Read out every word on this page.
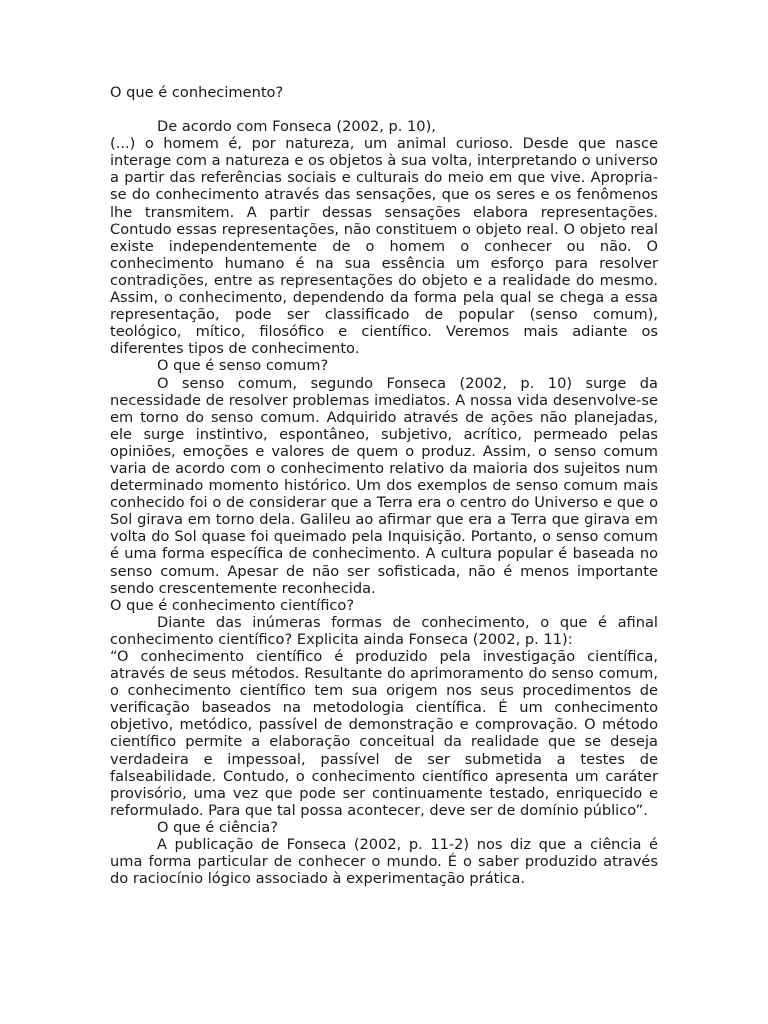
O que é conhecimento?

De acordo com Fonseca (2002, p. 10),

(...) o homem é, por natureza, um animal curioso. Desde que nasce interage com a natureza e os objetos à sua volta, interpretando o universo a partir das referências sociais e culturais do meio em que vive. Apropria-se do conhecimento através das sensações, que os seres e os fenômenos lhe transmitem. A partir dessas sensações elabora representações. Contudo essas representações, não constituem o objeto real. O objeto real existe independentemente de o homem o conhecer ou não. O conhecimento humano é na sua essência um esforço para resolver contradições, entre as representações do objeto e a realidade do mesmo. Assim, o conhecimento, dependendo da forma pela qual se chega a essa representação, pode ser classificado de popular (senso comum), teológico, mítico, filosófico e científico. Veremos mais adiante os diferentes tipos de conhecimento.

O que é senso comum?

O senso comum, segundo Fonseca (2002, p. 10) surge da necessidade de resolver problemas imediatos. A nossa vida desenvolve-se em torno do senso comum. Adquirido através de ações não planejadas, ele surge instintivo, espontâneo, subjetivo, acrítico, permeado pelas opiniões, emoções e valores de quem o produz. Assim, o senso comum varia de acordo com o conhecimento relativo da maioria dos sujeitos num determinado momento histórico. Um dos exemplos de senso comum mais conhecido foi o de considerar que a Terra era o centro do Universo e que o Sol girava em torno dela. Galileu ao afirmar que era a Terra que girava em volta do Sol quase foi queimado pela Inquisição. Portanto, o senso comum é uma forma específica de conhecimento. A cultura popular é baseada no senso comum. Apesar de não ser sofisticada, não é menos importante sendo crescentemente reconhecida.

O que é conhecimento científico?

Diante das inúmeras formas de conhecimento, o que é afinal conhecimento científico? Explicita ainda Fonseca (2002, p. 11):

“O conhecimento científico é produzido pela investigação científica, através de seus métodos. Resultante do aprimoramento do senso comum, o conhecimento científico tem sua origem nos seus procedimentos de verificação baseados na metodologia científica. É um conhecimento objetivo, metódico, passível de demonstração e comprovação. O método científico permite a elaboração conceitual da realidade que se deseja verdadeira e impessoal, passível de ser submetida a testes de falseabilidade. Contudo, o conhecimento científico apresenta um caráter provisório, uma vez que pode ser continuamente testado, enriquecido e reformulado. Para que tal possa acontecer, deve ser de domínio público”.

O que é ciência?

A publicação de Fonseca (2002, p. 11-2) nos diz que a ciência é uma forma particular de conhecer o mundo. É o saber produzido através do raciocínio lógico associado à experimentação prática.
